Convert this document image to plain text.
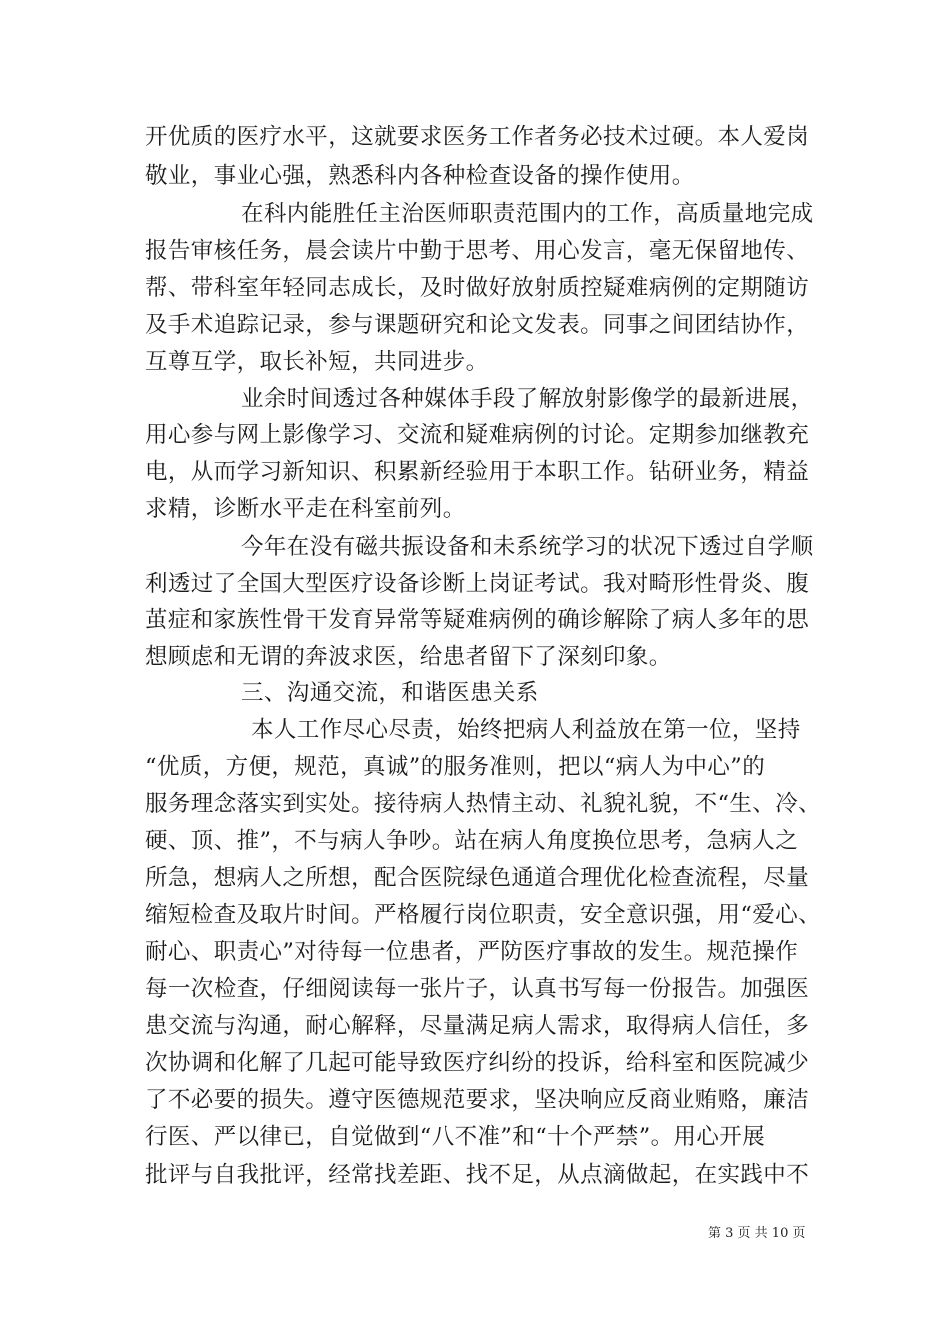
开优质的医疗水平，这就要求医务工作者务必技术过硬。本人爱岗
敬业，事业心强，熟悉科内各种检查设备的操作使用。
在科内能胜任主治医师职责范围内的工作，高质量地完成
报告审核任务，晨会读片中勤于思考、用心发言，毫无保留地传、
帮、带科室年轻同志成长，及时做好放射质控疑难病例的定期随访
及手术追踪记录，参与课题研究和论文发表。同事之间团结协作，
互尊互学，取长补短，共同进步。
业余时间透过各种媒体手段了解放射影像学的最新进展，
用心参与网上影像学习、交流和疑难病例的讨论。定期参加继教充
电，从而学习新知识、积累新经验用于本职工作。钻研业务，精益
求精，诊断水平走在科室前列。
今年在没有磁共振设备和未系统学习的状况下透过自学顺
利透过了全国大型医疗设备诊断上岗证考试。我对畸形性骨炎、腹
茧症和家族性骨干发育异常等疑难病例的确诊解除了病人多年的思
想顾虑和无谓的奔波求医，给患者留下了深刻印象。
三、沟通交流，和谐医患关系
本人工作尽心尽责，始终把病人利益放在第一位，坚持
“优质，方便，规范，真诚”的服务准则，把以“病人为中心”的
服务理念落实到实处。接待病人热情主动、礼貌礼貌，不“生、冷、
硬、顶、推”，不与病人争吵。站在病人角度换位思考，急病人之
所急，想病人之所想，配合医院绿色通道合理优化检查流程，尽量
缩短检查及取片时间。严格履行岗位职责，安全意识强，用“爱心、
耐心、职责心”对待每一位患者，严防医疗事故的发生。规范操作
每一次检查，仔细阅读每一张片子，认真书写每一份报告。加强医
患交流与沟通，耐心解释，尽量满足病人需求，取得病人信任，多
次协调和化解了几起可能导致医疗纠纷的投诉，给科室和医院减少
了不必要的损失。遵守医德规范要求，坚决响应反商业贿赂，廉洁
行医、严以律已，自觉做到“八不准”和“十个严禁”。用心开展
批评与自我批评，经常找差距、找不足，从点滴做起，在实践中不
第 3 页 共 10 页
